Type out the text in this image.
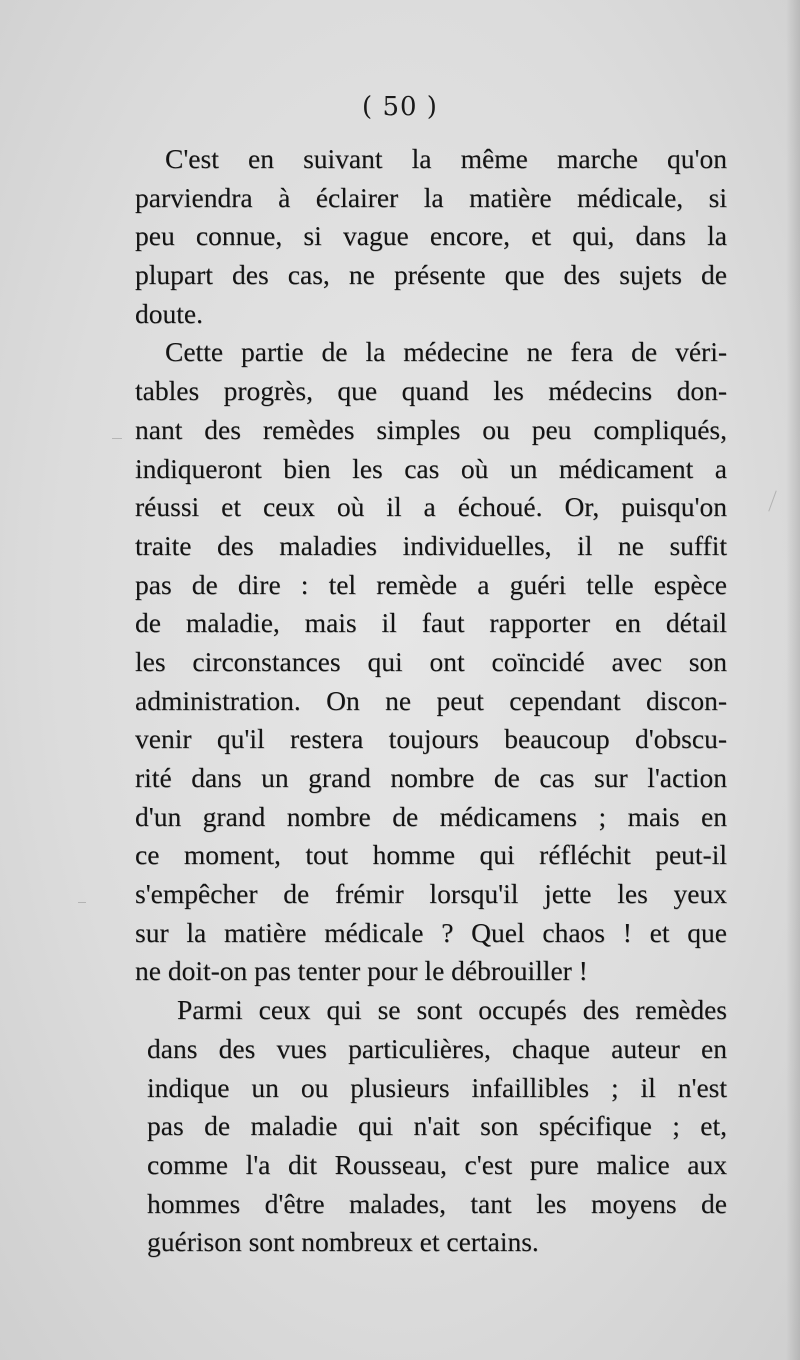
( 50 )
C'est en suivant la même marche qu'on
parviendra à éclairer la matière médicale, si
peu connue, si vague encore, et qui, dans la
plupart des cas, ne présente que des sujets de
doute.
Cette partie de la médecine ne fera de véri-
tables progrès, que quand les médecins don-
nant des remèdes simples ou peu compliqués,
indiqueront bien les cas où un médicament a
réussi et ceux où il a échoué. Or, puisqu'on
traite des maladies individuelles, il ne suffit
pas de dire : tel remède a guéri telle espèce
de maladie, mais il faut rapporter en détail
les circonstances qui ont coïncidé avec son
administration. On ne peut cependant discon-
venir qu'il restera toujours beaucoup d'obscu-
rité dans un grand nombre de cas sur l'action
d'un grand nombre de médicamens ; mais en
ce moment, tout homme qui réfléchit peut-il
s'empêcher de frémir lorsqu'il jette les yeux
sur la matière médicale ? Quel chaos ! et que
ne doit-on pas tenter pour le débrouiller !
Parmi ceux qui se sont occupés des remèdes
dans des vues particulières, chaque auteur en
indique un ou plusieurs infaillibles ; il n'est
pas de maladie qui n'ait son spécifique ; et,
comme l'a dit Rousseau, c'est pure malice aux
hommes d'être malades, tant les moyens de
guérison sont nombreux et certains.
